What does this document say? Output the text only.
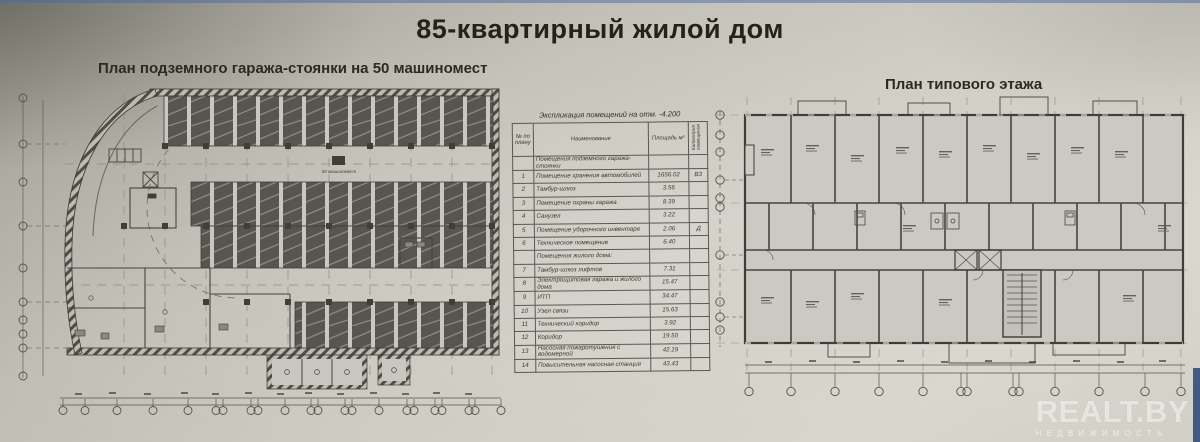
85-квартирный жилой дом
План подземного гаража-стоянки на 50 машиномест
План типового этажа
50 машиномест
Экспликация помещений на отм. -4.200
№ по плану	Наименование	Площадь м²	Категория помещения
	Помещения подземного гаража-стоянки		
1	Помещение хранения автомобилей	1656.02	В3
2	Тамбур-шлюз	3.56	
3	Помещение охраны гаража	8.39	
4	Санузел	3.22	
5	Помещение уборочного инвентаря	2.06	Д
6	Техническое помещение	6.40	
	Помещения жилого дома:		
7	Тамбур-шлюз лифтов	7.31	
8	Электрощитовая гаража и жилого дома	15.47	
9	ИТП	34.47	
10	Узел связи	15.63	
11	Технический коридор	3.92	
12	Коридор	19.50	
13	Насосная пожаротушения с водомерной	42.19	
14	Повысительная насосная станция	43.43	
REALT.BY
НЕДВИЖИМОСТЬ
